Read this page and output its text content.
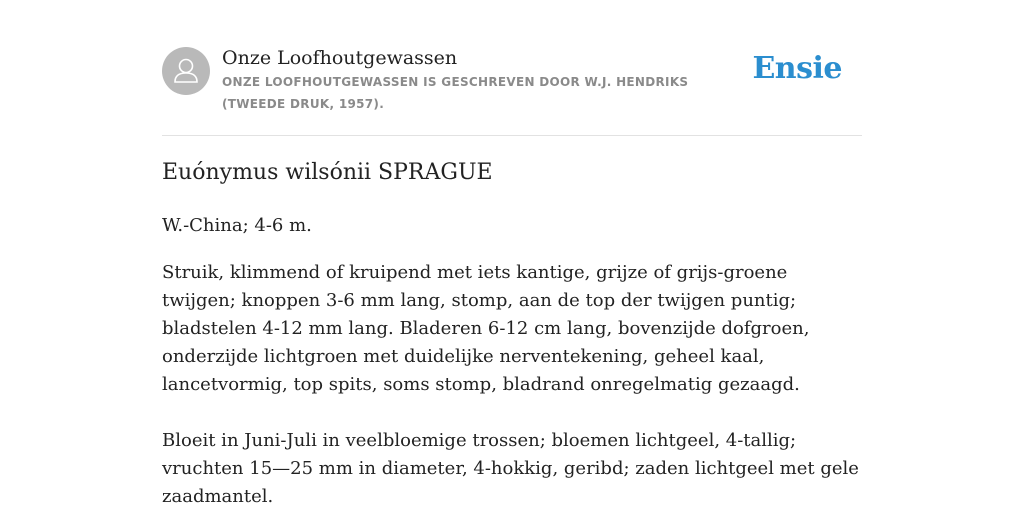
Onze Loofhoutgewassen
ONZE LOOFHOUTGEWASSEN IS GESCHREVEN DOOR W.J. HENDRIKS (TWEEDE DRUK, 1957).
Ensie
Euónymus wilsónii SPRAGUE

W.-China; 4-6 m.

Struik, klimmend of kruipend met iets kantige, grijze of grijs-groene twijgen; knoppen 3-6 mm lang, stomp, aan de top der twijgen puntig; bladstelen 4-12 mm lang. Bladeren 6-12 cm lang, bovenzijde dofgroen, onderzijde lichtgroen met duidelijke nerventekening, geheel kaal, lancetvormig, top spits, soms stomp, bladrand onregelmatig gezaagd.

Bloeit in Juni-Juli in veelbloemige trossen; bloemen lichtgeel, 4-tallig; vruchten 15—25 mm in diameter, 4-hokkig, geribd; zaden lichtgeel met gele zaadmantel.
